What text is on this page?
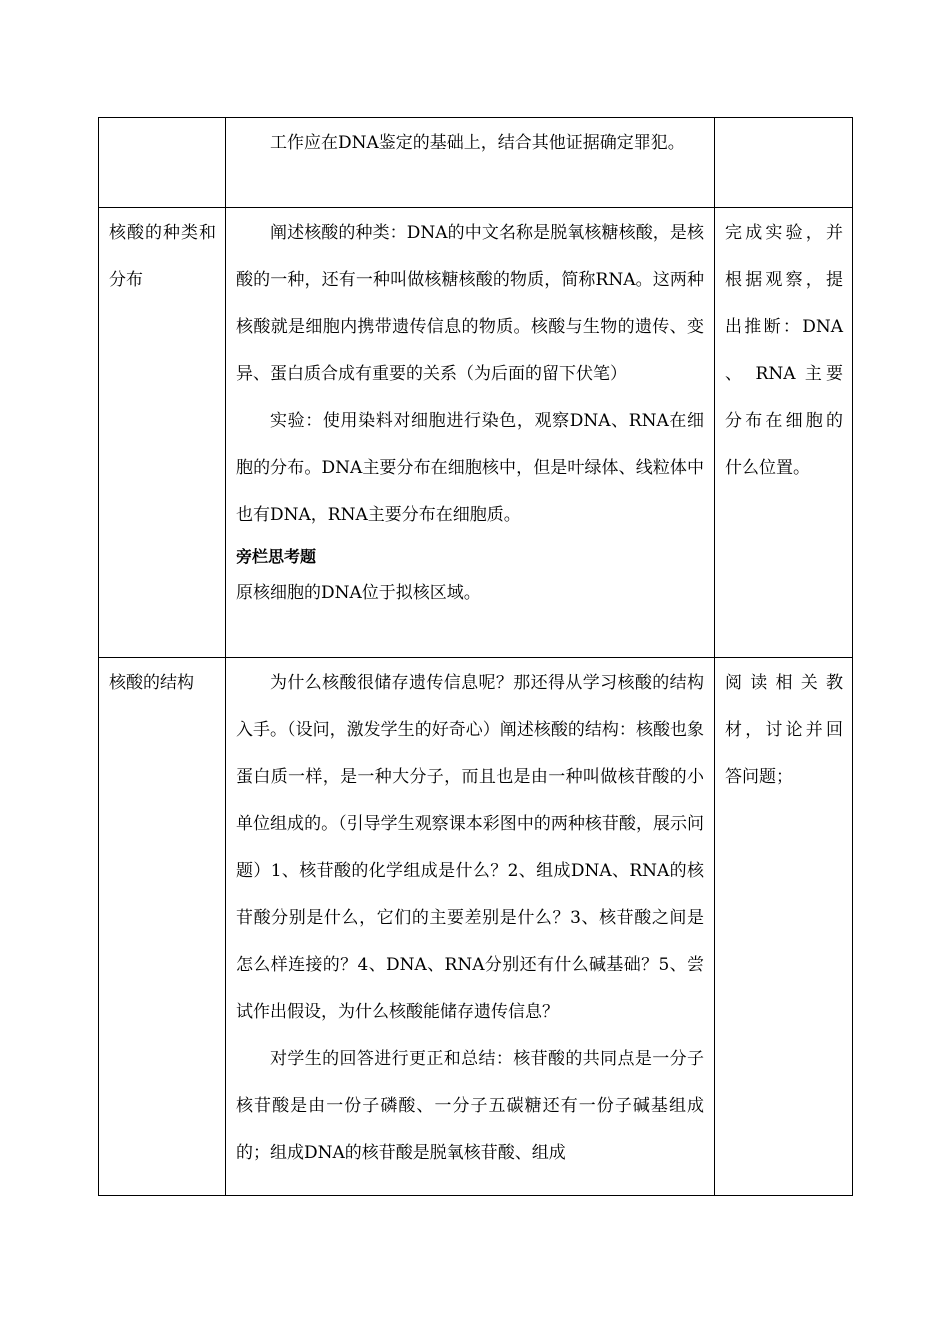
	工作应在DNA鉴定的基础上，结合其他证据确定罪犯。	

核酸的种类和分布	阐述核酸的种类：DNA的中文名称是脱氧核糖核酸，是核酸的一种，还有一种叫做核糖核酸的物质，简称RNA。这两种核酸就是细胞内携带遗传信息的物质。核酸与生物的遗传、变异、蛋白质合成有重要的关系（为后面的留下伏笔）

实验：使用染料对细胞进行染色，观察DNA、RNA在细胞的分布。DNA主要分布在细胞核中，但是叶绿体、线粒体中也有DNA，RNA主要分布在细胞质。

旁栏思考题

原核细胞的DNA位于拟核区域。	完成实验，并根据观察，提出推断：DNA 、 RNA 主要分布在细胞的什么位置。

核酸的结构	为什么核酸很储存遗传信息呢？那还得从学习核酸的结构入手。（设问，激发学生的好奇心）阐述核酸的结构：核酸也象蛋白质一样，是一种大分子，而且也是由一种叫做核苷酸的小单位组成的。（引导学生观察课本彩图中的两种核苷酸，展示问题）1、核苷酸的化学组成是什么？2、组成DNA、RNA的核苷酸分别是什么，它们的主要差别是什么？3、核苷酸之间是怎么样连接的？4、DNA、RNA分别还有什么碱基础？5、尝试作出假设，为什么核酸能储存遗传信息？

对学生的回答进行更正和总结：核苷酸的共同点是一分子核苷酸是由一份子磷酸、一分子五碳糖还有一份子碱基组成的；组成DNA的核苷酸是脱氧核苷酸、组成	阅读相关教材，讨论并回答问题；
